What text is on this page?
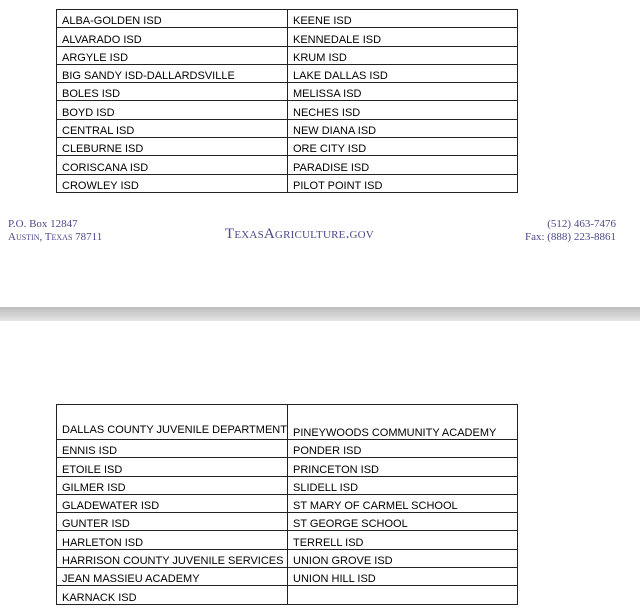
ALBA-GOLDEN ISD	KEENE ISD
ALVARADO ISD	KENNEDALE ISD
ARGYLE ISD	KRUM ISD
BIG SANDY ISD-DALLARDSVILLE	LAKE DALLAS ISD
BOLES ISD	MELISSA ISD
BOYD ISD	NECHES ISD
CENTRAL ISD	NEW DIANA ISD
CLEBURNE ISD	ORE CITY ISD
CORISCANA ISD	PARADISE ISD
CROWLEY ISD	PILOT POINT ISD
P.O. Box 12847
Austin, Texas 78711	TexasAgriculture.gov
(512) 463-7476
Fax: (888) 223-8861
DALLAS COUNTY JUVENILE DEPARTMENT	PINEYWOODS COMMUNITY ACADEMY
ENNIS ISD	PONDER ISD
ETOILE ISD	PRINCETON ISD
GILMER ISD	SLIDELL ISD
GLADEWATER ISD	ST MARY OF CARMEL SCHOOL
GUNTER ISD	ST GEORGE SCHOOL
HARLETON ISD	TERRELL ISD
HARRISON COUNTY JUVENILE SERVICES	UNION GROVE ISD
JEAN MASSIEU ACADEMY	UNION HILL ISD
KARNACK ISD	
